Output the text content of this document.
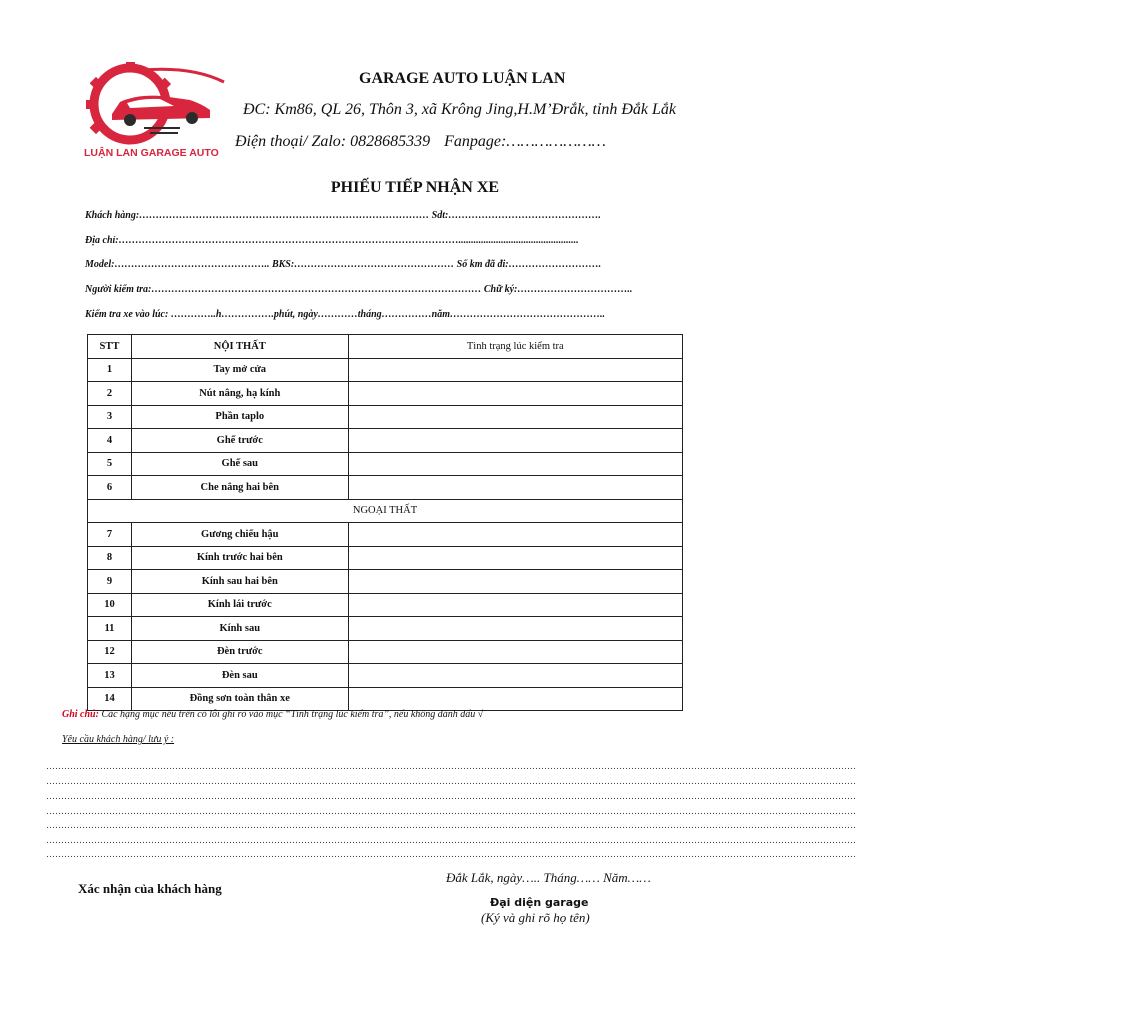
LUẬN LAN GARAGE AUTO
GARAGE AUTO LUẬN LAN
ĐC: Km86, QL 26, Thôn 3, xã Krông Jing,H.M’Đrắk, tỉnh Đắk Lắk
Điện thoại/ Zalo: 0828685339 Fanpage:…………………
PHIẾU TIẾP NHẬN XE
Khách hàng:…………………………………………………………………………… Sdt:……………………………………….
Địa chỉ:…………………………………………………………………………………………................................................
Model:……………………………………….. BKS:………………………………………… Số km đã đi:……………………….
Người kiểm tra:……………………………………………………………………………………… Chữ ký:……………………………..
Kiểm tra xe vào lúc: …………..h…………….phút, ngày…………tháng……………năm………………………………………..
STT	NỘI THẤT	Tình trạng lúc kiểm tra
1	Tay mở cửa	
2	Nút nâng, hạ kính	
3	Phần taplo	
4	Ghế trước	
5	Ghế sau	
6	Che nắng hai bên	
NGOẠI THẤT		
7	Gương chiếu hậu	
8	Kính trước hai bên	
9	Kính sau hai bên	
10	Kính lái trước	
11	Kính sau	
12	Đèn trước	
13	Đèn sau	
14	Đồng sơn toàn thân xe	
Ghi chú: Các hạng mục nêu trên có lỗi ghi rõ vào mục “Tình trạng lúc kiểm tra”, nếu không đánh dấu √
Yêu cầu khách hàng/ lưu ý :
………………………………………………………………………………………………………………………………………………………………………………………………………………………………………………
………………………………………………………………………………………………………………………………………………………………………………………………………………………………………………
………………………………………………………………………………………………………………………………………………………………………………………………………………………………………………
………………………………………………………………………………………………………………………………………………………………………………………………………………………………………………
………………………………………………………………………………………………………………………………………………………………………………………………………………………………………………
………………………………………………………………………………………………………………………………………………………………………………………………………………………………………………
………………………………………………………………………………………………………………………………………………………………………………………………………………………………………………
Xác nhận của khách hàng
Đắk Lắk, ngày….. Tháng…… Năm……
Đại diện garage
(Ký và ghi rõ họ tên)
